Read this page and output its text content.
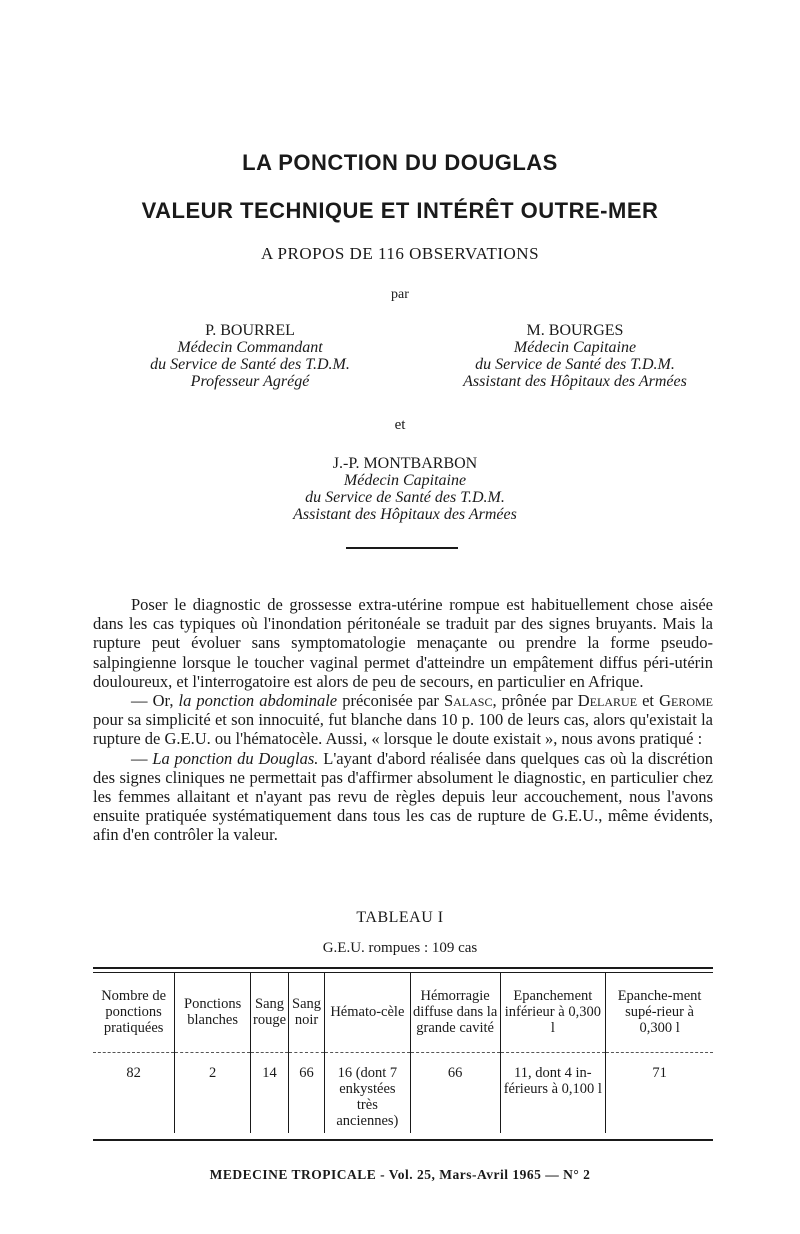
LA PONCTION DU DOUGLAS
VALEUR TECHNIQUE ET INTÉRÊT OUTRE-MER
A PROPOS DE 116 OBSERVATIONS
par
P. BOURREL
Médecin Commandant
du Service de Santé des T.D.M.
Professeur Agrégé
M. BOURGES
Médecin Capitaine
du Service de Santé des T.D.M.
Assistant des Hôpitaux des Armées
et
J.-P. MONTBARBON
Médecin Capitaine
du Service de Santé des T.D.M.
Assistant des Hôpitaux des Armées

Poser le diagnostic de grossesse extra-utérine rompue est habituellement chose aisée dans les cas typiques où l'inondation péritonéale se traduit par des signes bruyants. Mais la rupture peut évoluer sans symptomatologie menaçante ou prendre la forme pseudo-salpingienne lorsque le toucher vaginal permet d'atteindre un empâtement diffus péri-utérin douloureux, et l'interrogatoire est alors de peu de secours, en particulier en Afrique.

— Or, la ponction abdominale préconisée par Salasc, prônée par Delarue et Gerome pour sa simplicité et son innocuité, fut blanche dans 10 p. 100 de leurs cas, alors qu'existait la rupture de G.E.U. ou l'hématocèle. Aussi, « lorsque le doute existait », nous avons pratiqué :

— La ponction du Douglas. L'ayant d'abord réalisée dans quelques cas où la discrétion des signes cliniques ne permettait pas d'affirmer absolument le diagnostic, en particulier chez les femmes allaitant et n'ayant pas revu de règles depuis leur accouchement, nous l'avons ensuite pratiquée systématiquement dans tous les cas de rupture de G.E.U., même évidents, afin d'en contrôler la valeur.

TABLEAU I
G.E.U. rompues : 109 cas
Nombre de ponctions pratiquées	Ponctions blanches	Sang rouge	Sang noir	Hémato-cèle	Hémorragie diffuse dans la grande cavité	Epanchement inférieur à 0,300 l	Epanche-ment supé-rieur à 0,300 l
82	2	14	66	16 (dont 7 enkystées très anciennes)	66	11, dont 4 in-férieurs à 0,100 l	71
MEDECINE TROPICALE - Vol. 25, Mars-Avril 1965 — N° 2
